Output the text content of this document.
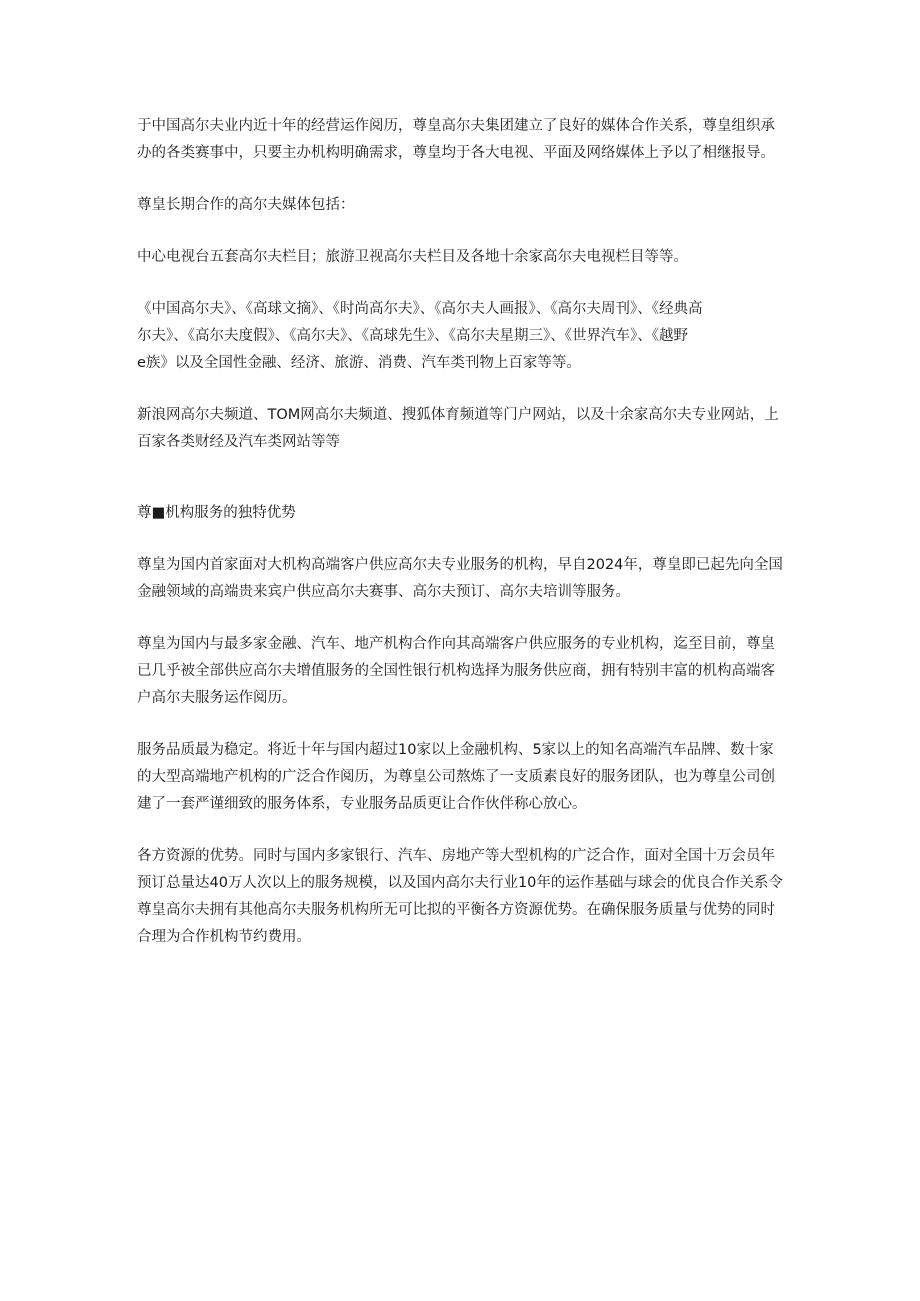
于中国高尔夫业内近十年的经营运作阅历，尊皇高尔夫集团建立了良好的媒体合作关系，尊皇组织承
办的各类赛事中，只要主办机构明确需求，尊皇均于各大电视、平面及网络媒体上予以了相继报导。

尊皇长期合作的高尔夫媒体包括：

中心电视台五套高尔夫栏目；旅游卫视高尔夫栏目及各地十余家高尔夫电视栏目等等。

《中国高尔夫》、《高球文摘》、《时尚高尔夫》、《高尔夫人画报》、《高尔夫周刊》、《经典高
尔夫》、《高尔夫度假》、《高尔夫》、《高球先生》、《高尔夫星期三》、《世界汽车》、《越野
e族》以及全国性金融、经济、旅游、消费、汽车类刊物上百家等等。

新浪网高尔夫频道、TOM网高尔夫频道、搜狐体育频道等门户网站，以及十余家高尔夫专业网站，上
百家各类财经及汽车类网站等等

尊■机构服务的独特优势

尊皇为国内首家面对大机构高端客户供应高尔夫专业服务的机构，早自2024年，尊皇即已起先向全国
金融领域的高端贵来宾户供应高尔夫赛事、高尔夫预订、高尔夫培训等服务。

尊皇为国内与最多家金融、汽车、地产机构合作向其高端客户供应服务的专业机构，迄至目前，尊皇
已几乎被全部供应高尔夫增值服务的全国性银行机构选择为服务供应商，拥有特别丰富的机构高端客
户高尔夫服务运作阅历。

服务品质最为稳定。将近十年与国内超过10家以上金融机构、5家以上的知名高端汽车品牌、数十家
的大型高端地产机构的广泛合作阅历，为尊皇公司熬炼了一支质素良好的服务团队，也为尊皇公司创
建了一套严谨细致的服务体系，专业服务品质更让合作伙伴称心放心。

各方资源的优势。同时与国内多家银行、汽车、房地产等大型机构的广泛合作，面对全国十万会员年
预订总量达40万人次以上的服务规模，以及国内高尔夫行业10年的运作基础与球会的优良合作关系令
尊皇高尔夫拥有其他高尔夫服务机构所无可比拟的平衡各方资源优势。在确保服务质量与优势的同时
合理为合作机构节约费用。
